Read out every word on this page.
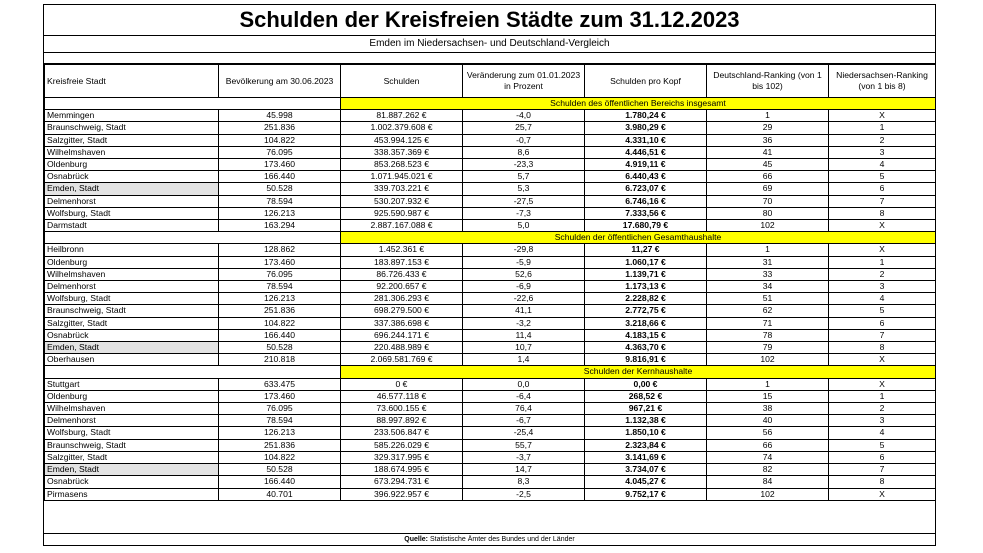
Schulden der Kreisfreien Städte zum 31.12.2023
Emden im Niedersachsen- und Deutschland-Vergleich
Kreisfreie Stadt	Bevölkerung am 30.06.2023	Schulden	Veränderung zum 01.01.2023 in Prozent	Schulden pro Kopf	Deutschland-Ranking (von 1 bis 102)	Niedersachsen-Ranking (von 1 bis 8)
		Schulden des öffentlichen Bereichs insgesamt				
Memmingen	45.998	81.887.262 €	-4,0	1.780,24 €	1	X
Braunschweig, Stadt	251.836	1.002.379.608 €	25,7	3.980,29 €	29	1
Salzgitter, Stadt	104.822	453.994.125 €	-0,7	4.331,10 €	36	2
Wilhelmshaven	76.095	338.357.369 €	8,6	4.446,51 €	41	3
Oldenburg	173.460	853.268.523 €	-23,3	4.919,11 €	45	4
Osnabrück	166.440	1.071.945.021 €	5,7	6.440,43 €	66	5
Emden, Stadt	50.528	339.703.221 €	5,3	6.723,07 €	69	6
Delmenhorst	78.594	530.207.932 €	-27,5	6.746,16 €	70	7
Wolfsburg, Stadt	126.213	925.590.987 €	-7,3	7.333,56 €	80	8
Darmstadt	163.294	2.887.167.088 €	5,0	17.680,79 €	102	X
		Schulden der öffentlichen Gesamthaushalte				
Heilbronn	128.862	1.452.361 €	-29,8	11,27 €	1	X
Oldenburg	173.460	183.897.153 €	-5,9	1.060,17 €	31	1
Wilhelmshaven	76.095	86.726.433 €	52,6	1.139,71 €	33	2
Delmenhorst	78.594	92.200.657 €	-6,9	1.173,13 €	34	3
Wolfsburg, Stadt	126.213	281.306.293 €	-22,6	2.228,82 €	51	4
Braunschweig, Stadt	251.836	698.279.500 €	41,1	2.772,75 €	62	5
Salzgitter, Stadt	104.822	337.386.698 €	-3,2	3.218,66 €	71	6
Osnabrück	166.440	696.244.171 €	11,4	4.183,15 €	78	7
Emden, Stadt	50.528	220.488.989 €	10,7	4.363,70 €	79	8
Oberhausen	210.818	2.069.581.769 €	1,4	9.816,91 €	102	X
		Schulden der Kernhaushalte				
Stuttgart	633.475	0 €	0,0	0,00 €	1	X
Oldenburg	173.460	46.577.118 €	-6,4	268,52 €	15	1
Wilhelmshaven	76.095	73.600.155 €	76,4	967,21 €	38	2
Delmenhorst	78.594	88.997.892 €	-6,7	1.132,38 €	40	3
Wolfsburg, Stadt	126.213	233.506.847 €	-25,4	1.850,10 €	56	4
Braunschweig, Stadt	251.836	585.226.029 €	55,7	2.323,84 €	66	5
Salzgitter, Stadt	104.822	329.317.995 €	-3,7	3.141,69 €	74	6
Emden, Stadt	50.528	188.674.995 €	14,7	3.734,07 €	82	7
Osnabrück	166.440	673.294.731 €	8,3	4.045,27 €	84	8
Pirmasens	40.701	396.922.957 €	-2,5	9.752,17 €	102	X
Quelle: Statistische Ämter des Bundes und der Länder
